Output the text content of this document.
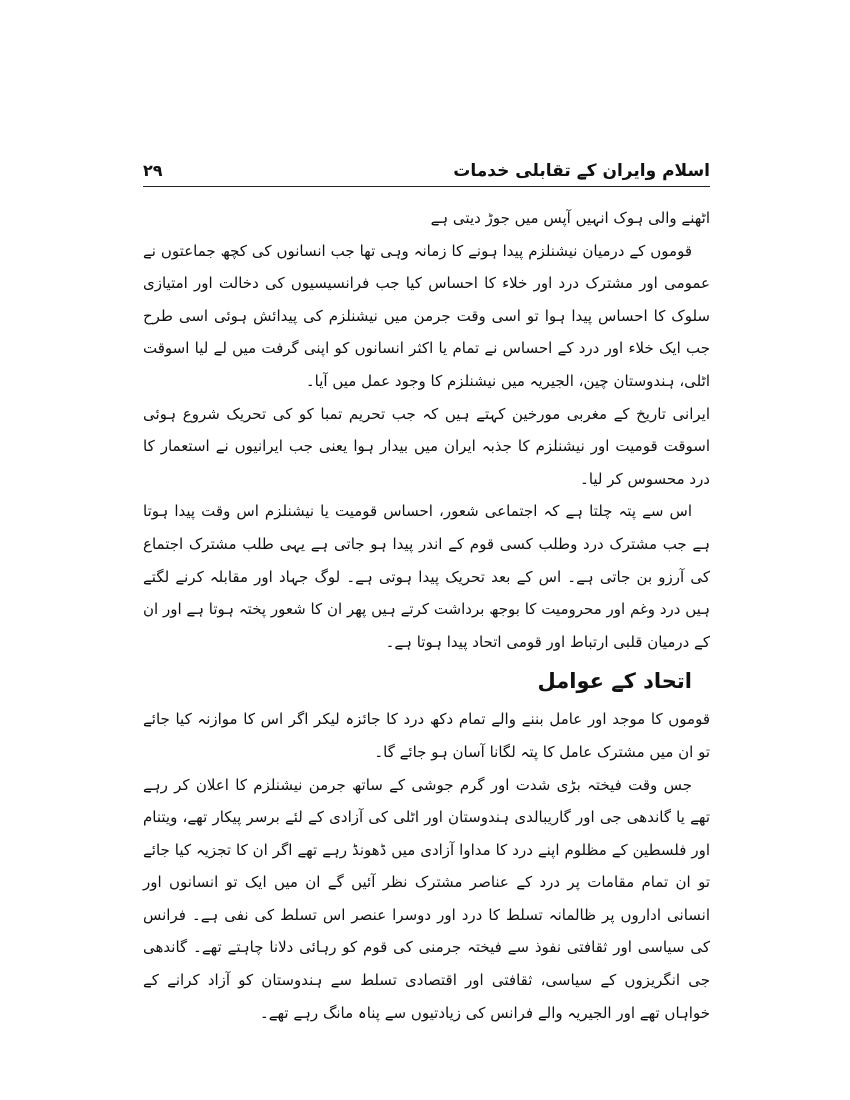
اسلام وایران کے تقابلی خدمات
۲۹

اٹھنے والی ہوک انہیں آپس میں جوڑ دیتی ہے

قوموں کے درمیان نیشنلزم پیدا ہونے کا زمانہ وہی تھا جب انسانوں کی کچھ جماعتوں نے عمومی اور مشترک درد اور خلاء کا احساس کیا جب فرانسیسیوں کی دخالت اور امتیازی سلوک کا احساس پیدا ہوا تو اسی وقت جرمن میں نیشنلزم کی پیدائش ہوئی اسی طرح جب ایک خلاء اور درد کے احساس نے تمام یا اکثر انسانوں کو اپنی گرفت میں لے لیا اسوقت اٹلی، ہندوستان چین، الجیریہ میں نیشنلزم کا وجود عمل میں آیا۔

ایرانی تاریخ کے مغربی مورخین کہتے ہیں کہ جب تحریم تمبا کو کی تحریک شروع ہوئی اسوقت قومیت اور نیشنلزم کا جذبہ ایران میں بیدار ہوا یعنی جب ایرانیوں نے استعمار کا درد محسوس کر لیا۔

اس سے پتہ چلتا ہے کہ اجتماعی شعور، احساس قومیت یا نیشنلزم اس وقت پیدا ہوتا ہے جب مشترک درد وطلب کسی قوم کے اندر پیدا ہو جاتی ہے یہی طلب مشترک اجتماع کی آرزو بن جاتی ہے۔ اس کے بعد تحریک پیدا ہوتی ہے۔ لوگ جہاد اور مقابلہ کرنے لگتے ہیں درد وغم اور محرومیت کا بوجھ برداشت کرتے ہیں پھر ان کا شعور پختہ ہوتا ہے اور ان کے درمیان قلبی ارتباط اور قومی اتحاد پیدا ہوتا ہے۔

اتحاد کے عوامل

قوموں کا موجد اور عامل بننے والے تمام دکھ درد کا جائزہ لیکر اگر اس کا موازنہ کیا جائے تو ان میں مشترک عامل کا پتہ لگانا آسان ہو جائے گا۔

جس وقت فیختہ بڑی شدت اور گرم جوشی کے ساتھ جرمن نیشنلزم کا اعلان کر رہے تھے یا گاندھی جی اور گاریبالدی ہندوستان اور اٹلی کی آزادی کے لئے برسر پیکار تھے، ویتنام اور فلسطین کے مظلوم اپنے درد کا مداوا آزادی میں ڈھونڈ رہے تھے اگر ان کا تجزیہ کیا جائے تو ان تمام مقامات پر درد کے عناصر مشترک نظر آئیں گے ان میں ایک تو انسانوں اور انسانی اداروں پر ظالمانہ تسلط کا درد اور دوسرا عنصر اس تسلط کی نفی ہے۔ فرانس کی سیاسی اور ثقافتی نفوذ سے فیختہ جرمنی کی قوم کو رہائی دلانا چاہتے تھے۔ گاندھی جی انگریزوں کے سیاسی، ثقافتی اور اقتصادی تسلط سے ہندوستان کو آزاد کرانے کے خواہاں تھے اور الجیریہ والے فرانس کی زیادتیوں سے پناہ مانگ رہے تھے۔
